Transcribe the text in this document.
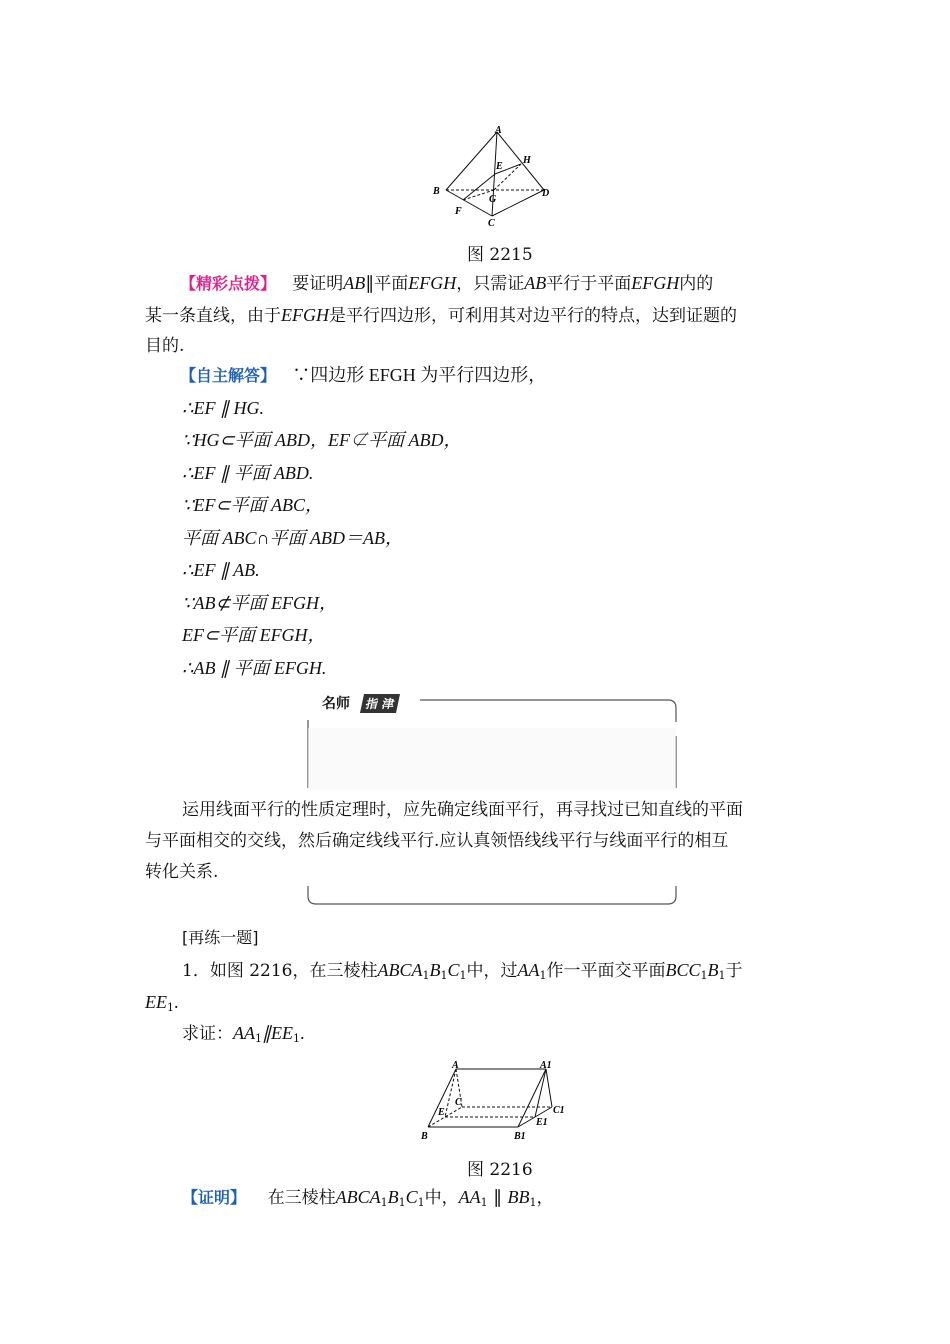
A
B
C
D
E
F
G
H
图 2215
【精彩点拨】 要证明AB∥平面EFGH，只需证AB平行于平面EFGH内的
某一条直线，由于EFGH是平行四边形，可利用其对边平行的特点，达到证题的
目的.
【自主解答】 ∵四边形 EFGH 为平行四边形，
∴EF ∥ HG.
∵HG⊂平面 ABD，EF⊄平面 ABD，
∴EF ∥ 平面 ABD.
∵EF⊂平面 ABC，
平面 ABC∩平面 ABD＝AB，
∴EF ∥ AB.
∵AB⊄平面 EFGH，
EF⊂平面 EFGH，
∴AB ∥ 平面 EFGH.
名师	指 津
运用线面平行的性质定理时，应先确定线面平行，再寻找过已知直线的平面
与平面相交的交线，然后确定线线平行.应认真领悟线线平行与线面平行的相互
转化关系.
[再练一题]
1．如图 2216，在三棱柱$ABCA_1B_1C_1$中，过$AA_1$作一平面交平面$BCC_1B_1$于
$EE_1$.
求证：$AA_1\parallel EE_1$.
A	A1
B	B1
C
C1
E
E1
图 2216
【证明】 在三棱柱$ABCA_1B_1C_1$中，$AA_1$ ∥ $BB_1$，
